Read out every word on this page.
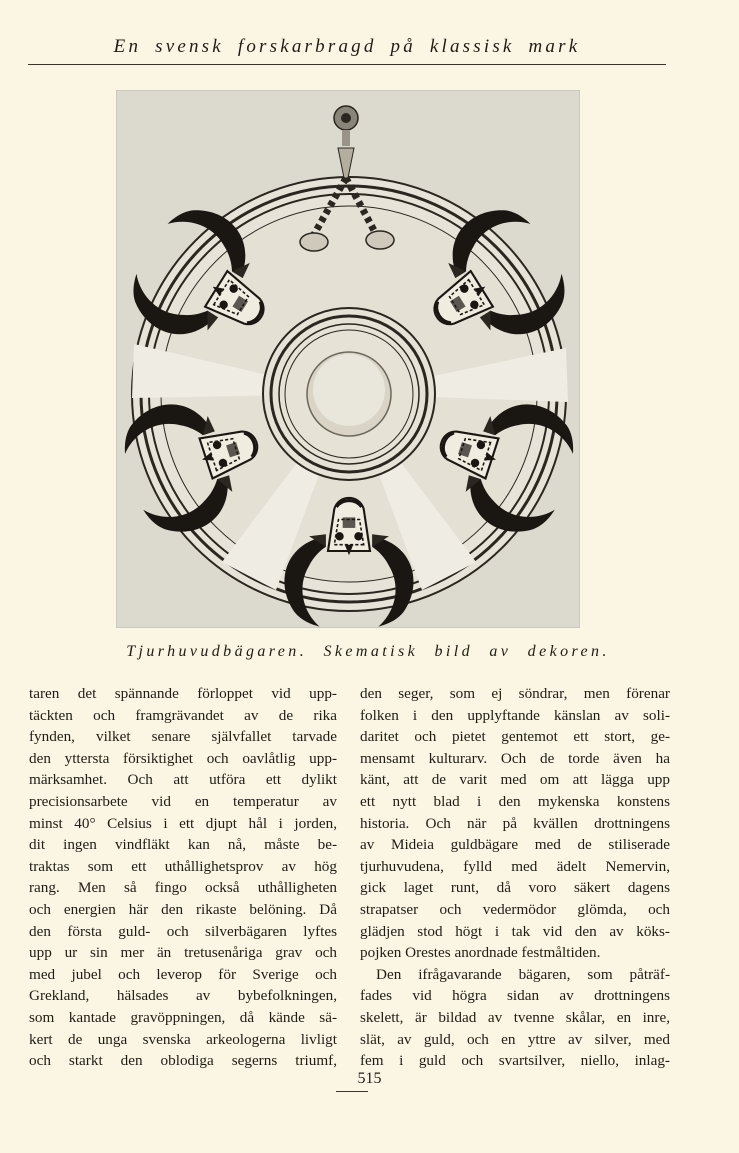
En svensk forskarbragd på klassisk mark
Tjurhuvudbägaren. Skematisk bild av dekoren.
taren det spännande förloppet vid upp-
täckten och framgrävandet av de rika
fynden, vilket senare självfallet tarvade
den yttersta försiktighet och oavlåtlig upp-
märksamhet. Och att utföra ett dylikt
precisionsarbete vid en temperatur av
minst 40° Celsius i ett djupt hål i jorden,
dit ingen vindfläkt kan nå, måste be-
traktas som ett uthållighetsprov av hög
rang. Men så fingo också uthålligheten
och energien här den rikaste belöning. Då
den första guld- och silverbägaren lyftes
upp ur sin mer än tretusenåriga grav och
med jubel och leverop för Sverige och
Grekland, hälsades av bybefolkningen,
som kantade gravöppningen, då kände sä-
kert de unga svenska arkeologerna livligt
och starkt den oblodiga segerns triumf,
den seger, som ej söndrar, men förenar
folken i den upplyftande känslan av soli-
daritet och pietet gentemot ett stort, ge-
mensamt kulturarv. Och de torde även ha
känt, att de varit med om att lägga upp
ett nytt blad i den mykenska konstens
historia. Och när på kvällen drottningens
av Mideia guldbägare med de stiliserade
tjurhuvudena, fylld med ädelt Nemervin,
gick laget runt, då voro säkert dagens
strapatser och vedermödor glömda, och
glädjen stod högt i tak vid den av köks-
pojken Orestes anordnade festmåltiden.
Den ifrågavarande bägaren, som påträf-
fades vid högra sidan av drottningens
skelett, är bildad av tvenne skålar, en inre,
slät, av guld, och en yttre av silver, med
fem i guld och svartsilver, niello, inlag-
515
